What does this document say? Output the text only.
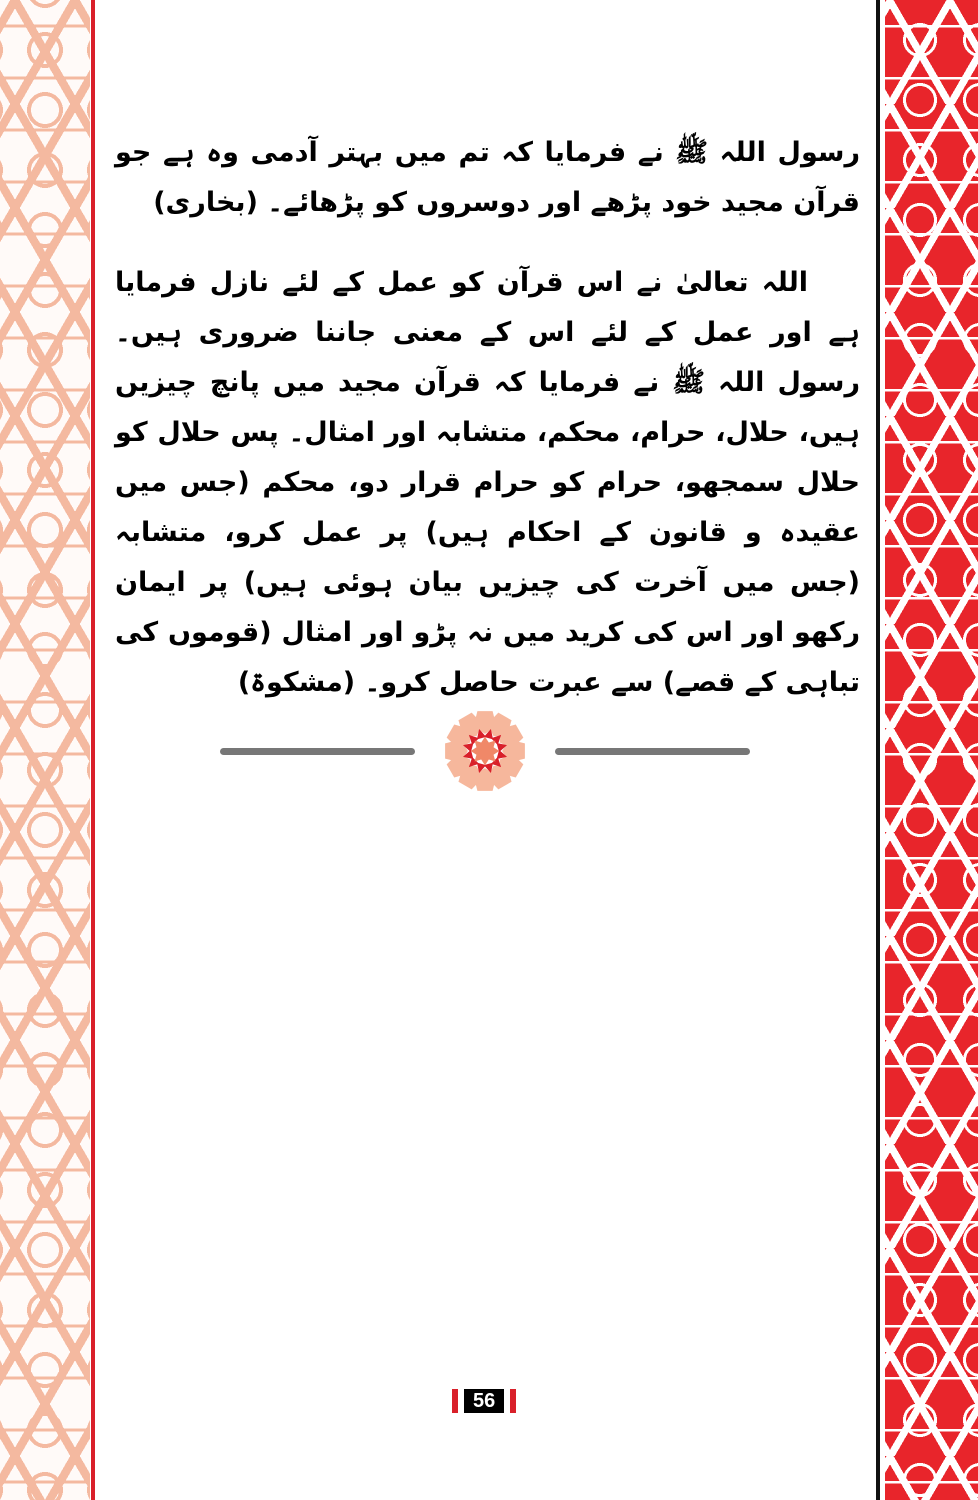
رسول اللہ ﷺ نے فرمایا کہ تم میں بہتر آدمی وہ ہے جو قرآن مجید خود پڑھے اور دوسروں کو پڑھائے۔ (بخاری)

اللہ تعالیٰ نے اس قرآن کو عمل کے لئے نازل فرمایا ہے اور عمل کے لئے اس کے معنی جاننا ضروری ہیں۔ رسول اللہ ﷺ نے فرمایا کہ قرآن مجید میں پانچ چیزیں ہیں، حلال، حرام، محکم، متشابہ اور امثال۔ پس حلال کو حلال سمجھو، حرام کو حرام قرار دو، محکم (جس میں عقیدہ و قانون کے احکام ہیں) پر عمل کرو، متشابہ (جس میں آخرت کی چیزیں بیان ہوئی ہیں) پر ایمان رکھو اور اس کی کرید میں نہ پڑو اور امثال (قوموں کی تباہی کے قصے) سے عبرت حاصل کرو۔ (مشکوۃ)

56
